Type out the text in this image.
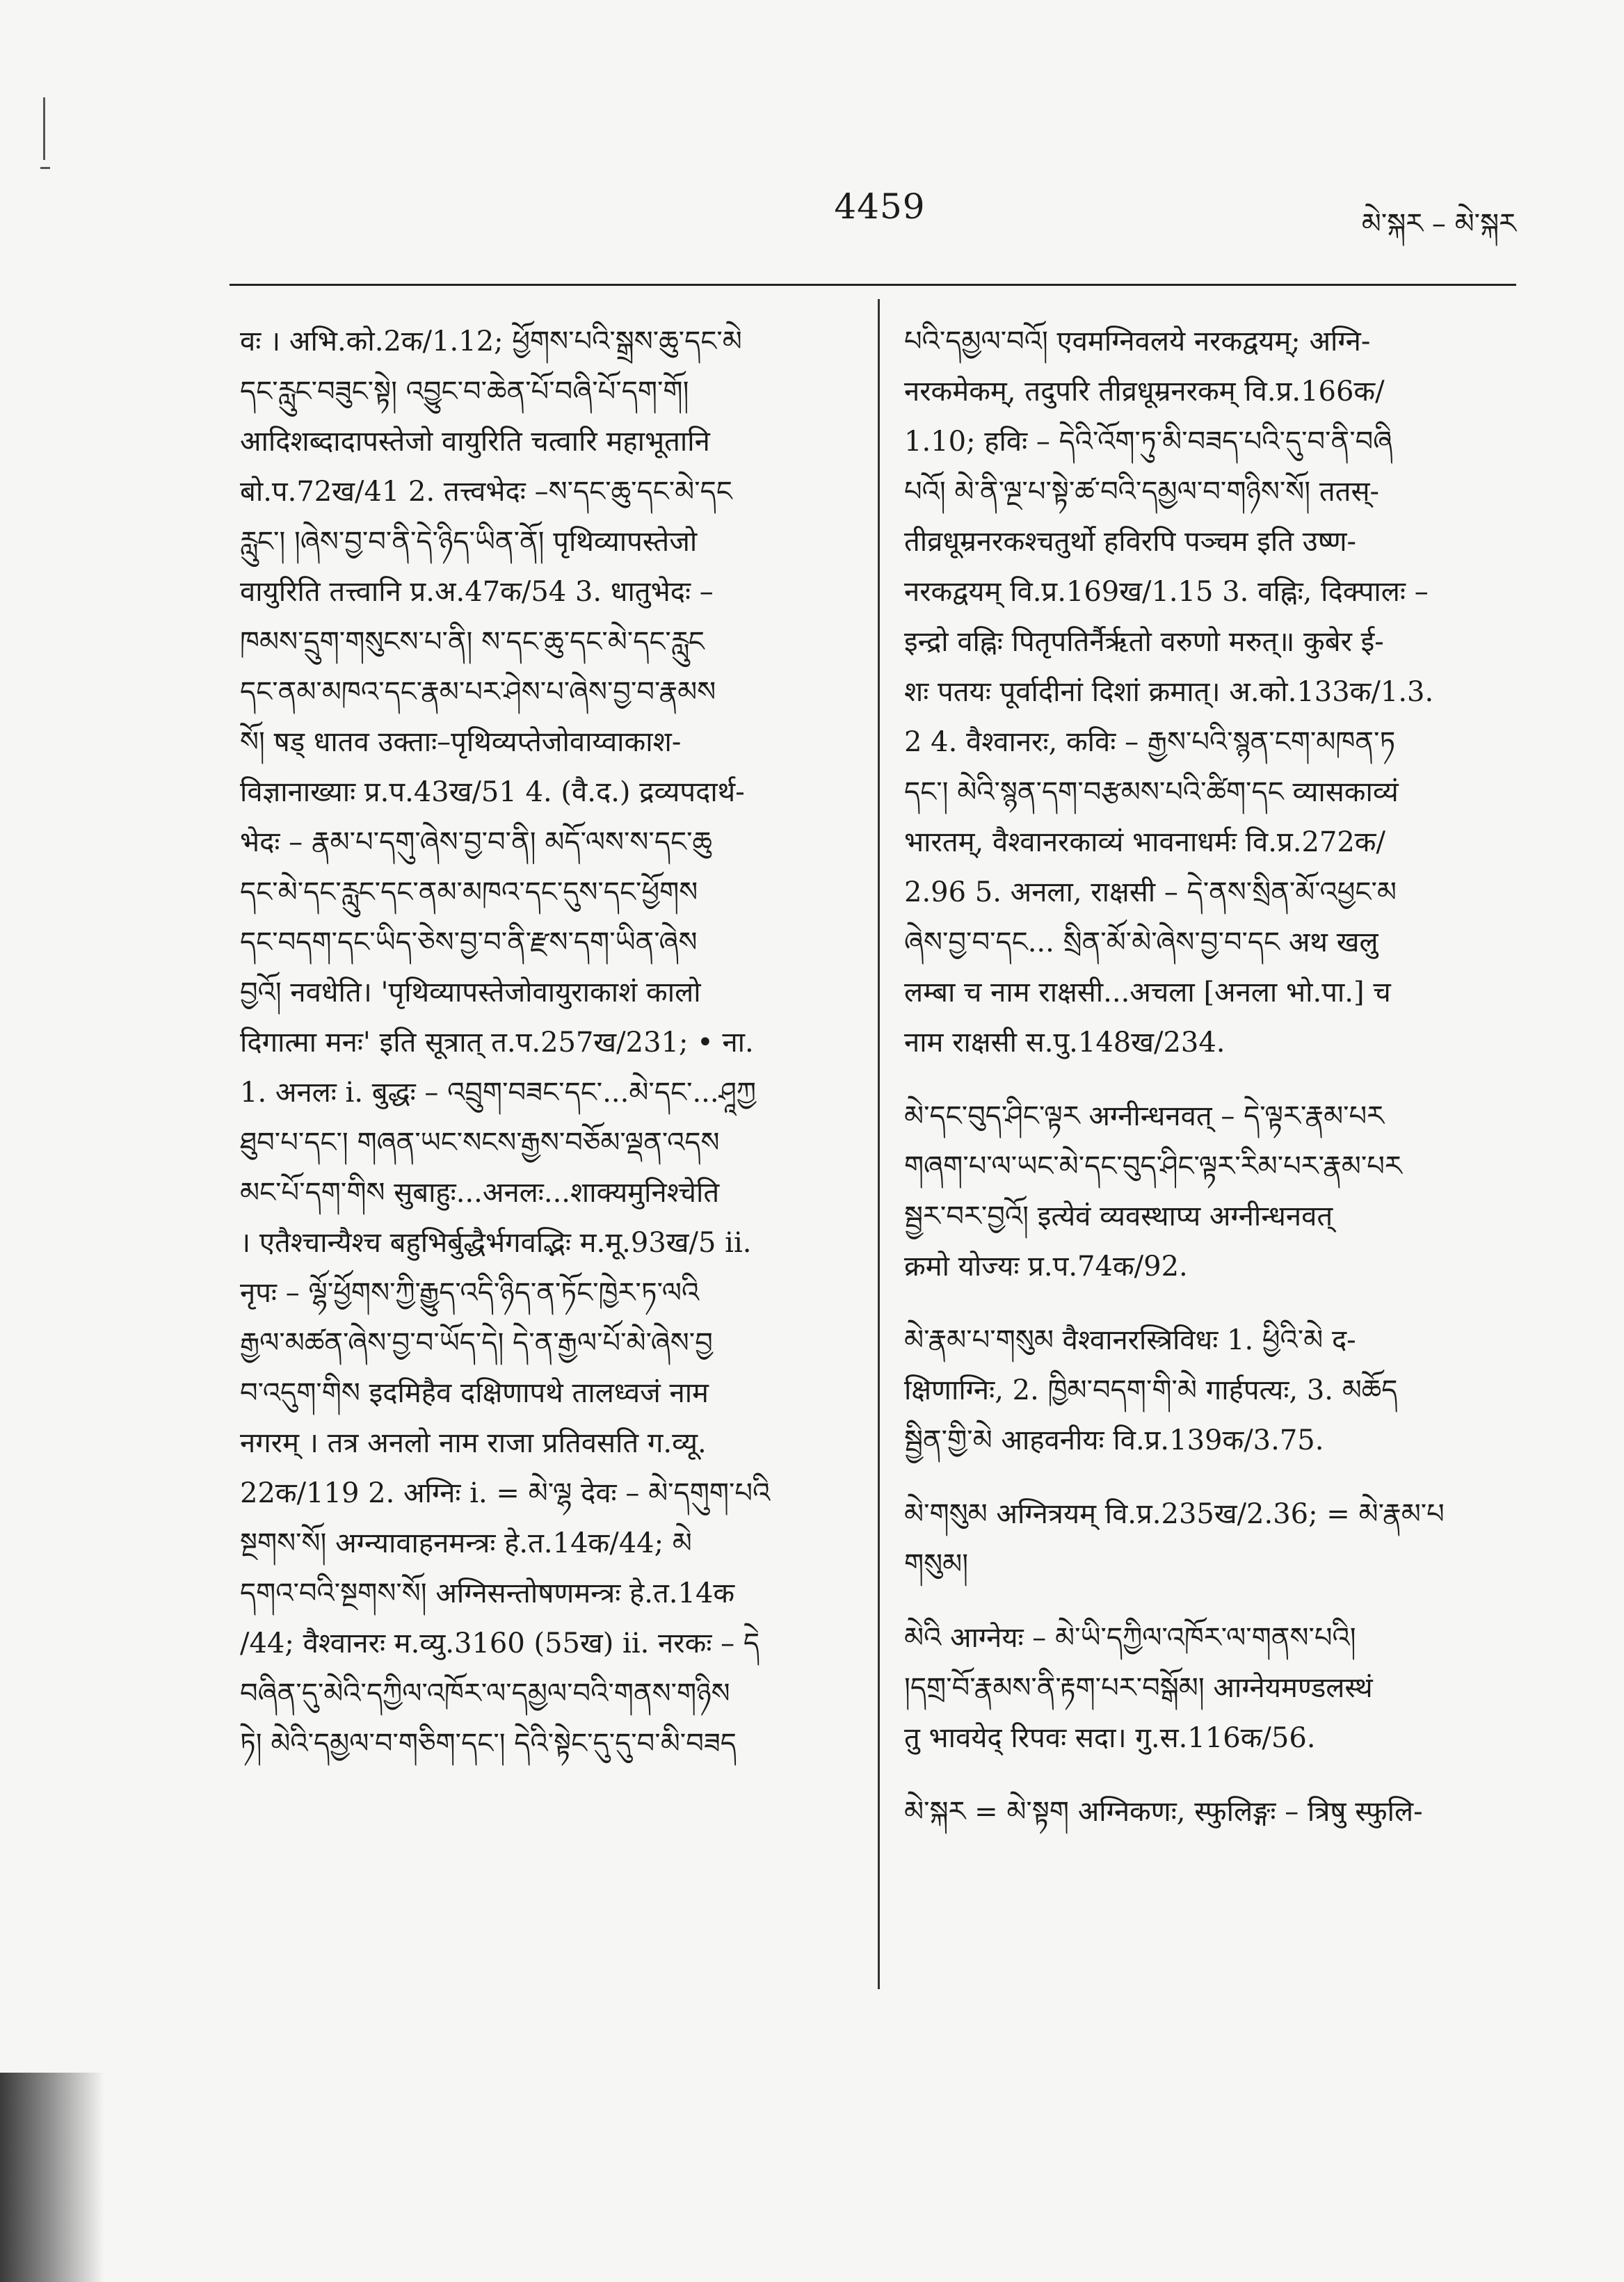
4459	མེ་སྐར – མེ་སྐར
वः । अभि.को.2क/1.12; ཕྱོགས་པའི་སྒྲས་ཆུ་དང་མེ
དང་རླུང་བཟུང་སྟེ། འབྱུང་བ་ཆེན་པོ་བཞི་པོ་དག་གོ།
आदिशब्दादापस्तेजो वायुरिति चत्वारि महाभूतानि
बो.प.72ख/41 2. तत्त्वभेदः –ས་དང་ཆུ་དང་མེ་དང
རླུང་། །ཞེས་བྱ་བ་ནི་དེ་ཉིད་ཡིན་ནོ། पृथिव्यापस्तेजो
वायुरिति तत्त्वानि प्र.अ.47क/54 3. धातुभेदः –
ཁམས་དྲུག་གསུངས་པ་ནི། ས་དང་ཆུ་དང་མེ་དང་རླུང
དང་ནམ་མཁའ་དང་རྣམ་པར་ཤེས་པ་ཞེས་བྱ་བ་རྣམས
སོ། षड् धातव उक्ताः–पृथिव्यप्तेजोवाय्वाकाश-
विज्ञानाख्याः प्र.प.43ख/51 4. (वै.द.) द्रव्यपदार्थ-
भेदः – རྣམ་པ་དགུ་ཞེས་བྱ་བ་ནི། མདོ་ལས་ས་དང་ཆུ
དང་མེ་དང་རླུང་དང་ནམ་མཁའ་དང་དུས་དང་ཕྱོགས
དང་བདག་དང་ཡིད་ཅེས་བྱ་བ་ནི་རྫས་དག་ཡིན་ཞེས
བྱའོ། नवधेति। 'पृथिव्यापस्तेजोवायुराकाशं कालो
दिगात्मा मनः' इति सूत्रात् त.प.257ख/231; • ना.
1. अनलः i. बुद्धः – འབྲུག་བཟང་དང་...མེ་དང་...ཤཱཀྱ
ཐུབ་པ་དང་། གཞན་ཡང་སངས་རྒྱས་བཅོམ་ལྡན་འདས
མང་པོ་དག་གིས सुबाहुः...अनलः...शाक्यमुनिश्चेति
। एतैश्चान्यैश्च बहुभिर्बुद्धैर्भगवद्भिः म.मू.93ख/5 ii.
नृपः – ལྷོ་ཕྱོགས་ཀྱི་རྒྱུད་འདི་ཉིད་ན་ཏོང་ཁྱེར་ཏ་ལའི
རྒྱལ་མཚན་ཞེས་བྱ་བ་ཡོད་དེ། དེ་ན་རྒྱལ་པོ་མེ་ཞེས་བྱ
བ་འདུག་གིས इदमिहैव दक्षिणापथे तालध्वजं नाम
नगरम् । तत्र अनलो नाम राजा प्रतिवसति ग.व्यू.
22क/119 2. अग्निः i. = མེ་ལྷ देवः – མེ་དགུག་པའི
སྔགས་སོ། अग्न्यावाहनमन्त्रः हे.त.14क/44; མེ
དགའ་བའི་སྔགས་སོ། अग्निसन्तोषणमन्त्रः हे.त.14क
/44; वैश्वानरः म.व्यु.3160 (55ख) ii. नरकः – དེ
བཞིན་དུ་མེའི་དཀྱིལ་འཁོར་ལ་དམྱལ་བའི་གནས་གཉིས
ཏེ། མེའི་དམྱལ་བ་གཅིག་དང་། དེའི་སྟེང་དུ་དུ་བ་མི་བཟད
པའི་དམྱལ་བའོ། एवमग्निवलये नरकद्वयम्; अग्नि-
नरकमेकम्, तदुपरि तीव्रधूम्रनरकम् वि.प्र.166क/
1.10; हविः – དེའི་འོག་ཏུ་མི་བཟད་པའི་དུ་བ་ནི་བཞི
པའོ། མེ་ནི་ལྔ་པ་སྟེ་ཚ་བའི་དམྱལ་བ་གཉིས་སོ། ततस्-
तीव्रधूम्रनरकश्चतुर्थो हविरपि पञ्चम इति उष्ण-
नरकद्वयम् वि.प्र.169ख/1.15 3. वह्निः, दिक्पालः –
इन्द्रो वह्निः पितृपतिर्नैर्ऋतो वरुणो मरुत्॥ कुबेर ई-
शः पतयः पूर्वादीनां दिशां क्रमात्। अ.को.133क/1.3.
2 4. वैश्वानरः, कविः – རྒྱས་པའི་སྙན་ངག་མཁན་ཏ
དང་། མེའི་སྙན་དག་བརྩམས་པའི་ཚིག་དང व्यासकाव्यं
भारतम्, वैश्वानरकाव्यं भावनाधर्मः वि.प्र.272क/
2.96 5. अनला, राक्षसी – དེ་ནས་སྲིན་མོ་འཕྱང་མ
ཞེས་བྱ་བ་དང... སྲིན་མོ་མེ་ཞེས་བྱ་བ་དང अथ खलु
लम्बा च नाम राक्षसी...अचला [अनला भो.पा.] च
नाम राक्षसी स.पु.148ख/234.
མེ་དང་བུད་ཤིང་ལྟར अग्नीन्धनवत् – དེ་ལྟར་རྣམ་པར
གཞག་པ་ལ་ཡང་མེ་དང་བུད་ཤིང་ལྟར་རིམ་པར་རྣམ་པར
སྦྱར་བར་བྱའོ། इत्येवं व्यवस्थाप्य अग्नीन्धनवत्
क्रमो योज्यः प्र.प.74क/92.
མེ་རྣམ་པ་གསུམ वैश्वानरस्त्रिविधः 1. ཕྱིའི་མེ द-
क्षिणाग्निः, 2. ཁྱིམ་བདག་གི་མེ गार्हपत्यः, 3. མཆོད
སྦྱིན་གྱི་མེ आहवनीयः वि.प्र.139क/3.75.
མེ་གསུམ अग्नित्रयम् वि.प्र.235ख/2.36; = མེ་རྣམ་པ
གསུམ།
མེའི आग्नेयः – མེ་ཡི་དཀྱིལ་འཁོར་ལ་གནས་པའི།
།དགྲ་བོ་རྣམས་ནི་རྟག་པར་བསྒོམ། आग्नेयमण्डलस्थं
तु भावयेद् रिपवः सदा। गु.स.116क/56.
མེ་སྐར = མེ་སྟག अग्निकणः, स्फुलिङ्गः – त्रिषु स्फुलि-
